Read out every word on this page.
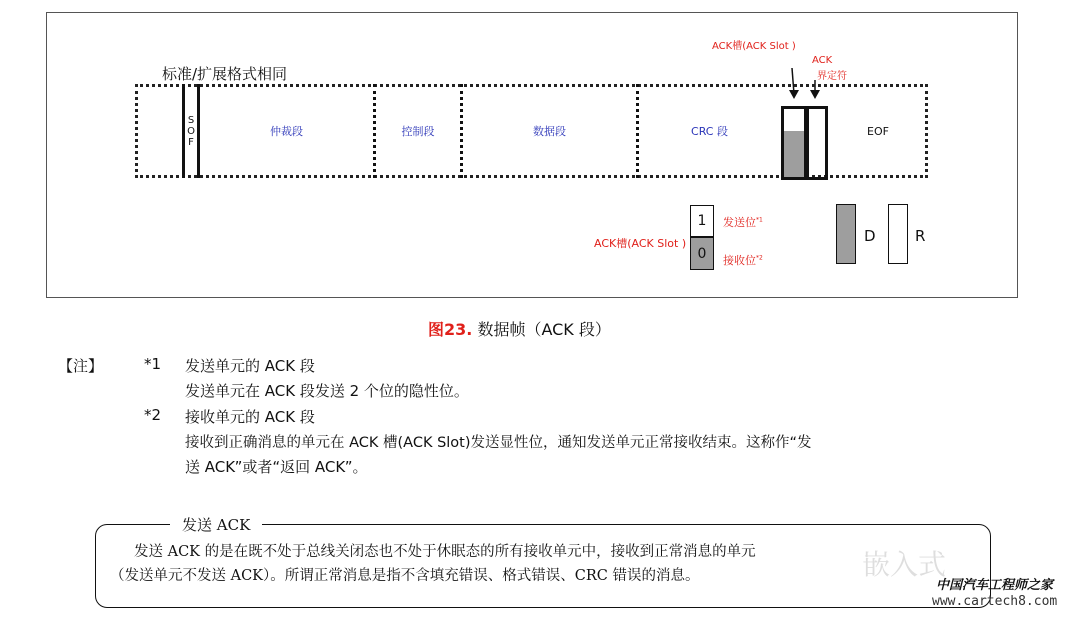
标准/扩展格式相同
ACK槽(ACK Slot )
ACK
界定符
S
O
F
仲裁段	控制段	数据段	CRC 段	EOF
1
0
发送位$^{*1}$
接收位$^{*2}$
ACK槽(ACK Slot )	D	R
图23. 数据帧（ACK 段）
【注】	*1 发送单元的 ACK 段
发送单元在 ACK 段发送 2 个位的隐性位。
*2 接收单元的 ACK 段
接收到正确消息的单元在 ACK 槽(ACK Slot)发送显性位，通知发送单元正常接收结束。这称作“发
送 ACK”或者“返回 ACK”。
发送 ACK
发送 ACK 的是在既不处于总线关闭态也不处于休眠态的所有接收单元中，接收到正常消息的单元
（发送单元不发送 ACK）。所谓正常消息是指不含填充错误、格式错误、CRC 错误的消息。	嵌入式
中国汽车工程师之家
www.cartech8.com
